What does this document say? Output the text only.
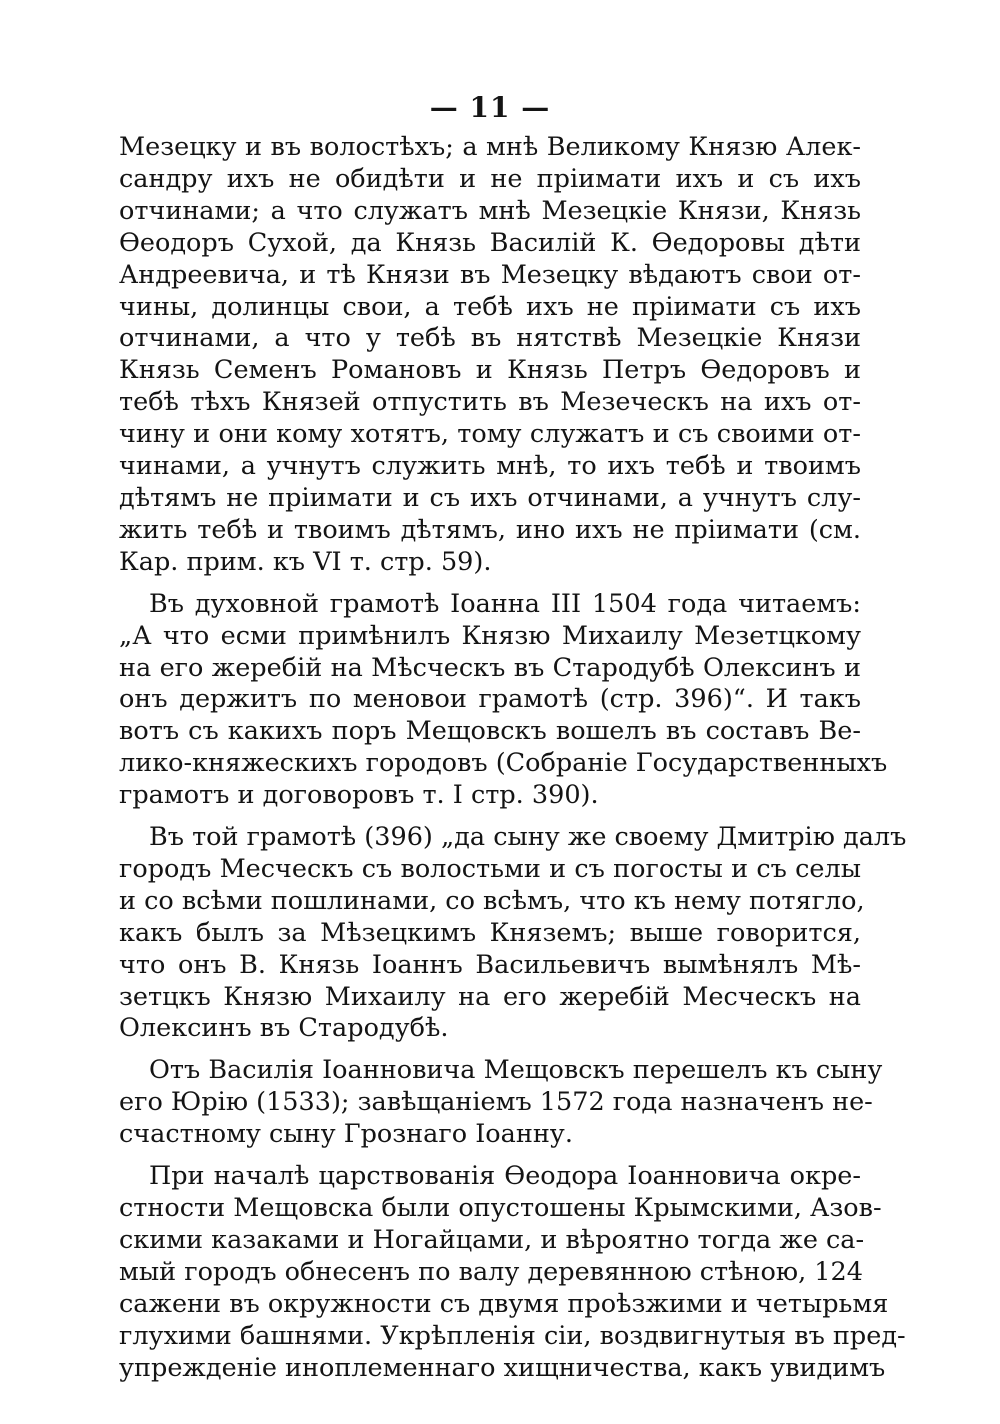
— 11 —
Мезецку и въ волостѣхъ; а мнѣ Великому Князю Алек-
сандру ихъ не обидѣти и не пріимати ихъ и съ ихъ
отчинами; а что служатъ мнѣ Мезецкіе Князи, Князь
Ѳеодоръ Сухой, да Князь Василій К. Ѳедоровы дѣти
Андреевича, и тѣ Князи въ Мезецку вѣдаютъ свои от-
чины, долинцы свои, а тебѣ ихъ не пріимати съ ихъ
отчинами, а что у тебѣ въ нятствѣ Мезецкіе Князи
Князь Семенъ Романовъ и Князь Петръ Ѳедоровъ и
тебѣ тѣхъ Князей отпустить въ Мезеческъ на ихъ от-
чину и они кому хотятъ, тому служатъ и съ своими от-
чинами, а учнутъ служить мнѣ, то ихъ тебѣ и твоимъ
дѣтямъ не пріимати и съ ихъ отчинами, а учнутъ слу-
жить тебѣ и твоимъ дѣтямъ, ино ихъ не пріимати (см.
Кар. прим. къ VI т. стр. 59).
Въ духовной грамотѣ Іоанна III 1504 года читаемъ:
„А что есми примѣнилъ Князю Михаилу Мезетцкому
на его жеребій на Мѣсческъ въ Стародубѣ Олексинъ и
онъ держитъ по меновои грамотѣ (стр. 396)“. И такъ
вотъ съ какихъ поръ Мещовскъ вошелъ въ составъ Ве-
лико-княжескихъ городовъ (Собраніе Государственныхъ
грамотъ и договоровъ т. I стр. 390).
Въ той грамотѣ (396) „да сыну же своему Дмитрію далъ
городъ Месческъ съ волостьми и съ погосты и съ селы
и со всѣми пошлинами, со всѣмъ, что къ нему потягло,
какъ былъ за Мѣзецкимъ Княземъ; выше говорится,
что онъ В. Князь Іоаннъ Васильевичъ вымѣнялъ Мѣ-
зетцкъ Князю Михаилу на его жеребій Месческъ на
Олексинъ въ Стародубѣ.
Отъ Василія Іоанновича Мещовскъ перешелъ къ сыну
его Юрію (1533); завѣщаніемъ 1572 года назначенъ не-
счастному сыну Грознаго Іоанну.
При началѣ царствованія Ѳеодора Іоанновича окре-
стности Мещовска были опустошены Крымскими, Азов-
скими казаками и Ногайцами, и вѣроятно тогда же са-
мый городъ обнесенъ по валу деревянною стѣною, 124
сажени въ окружности съ двумя проѣзжими и четырьмя
глухими башнями. Укрѣпленія сіи, воздвигнутыя въ пред-
упрежденіе иноплеменнаго хищничества, какъ увидимъ
